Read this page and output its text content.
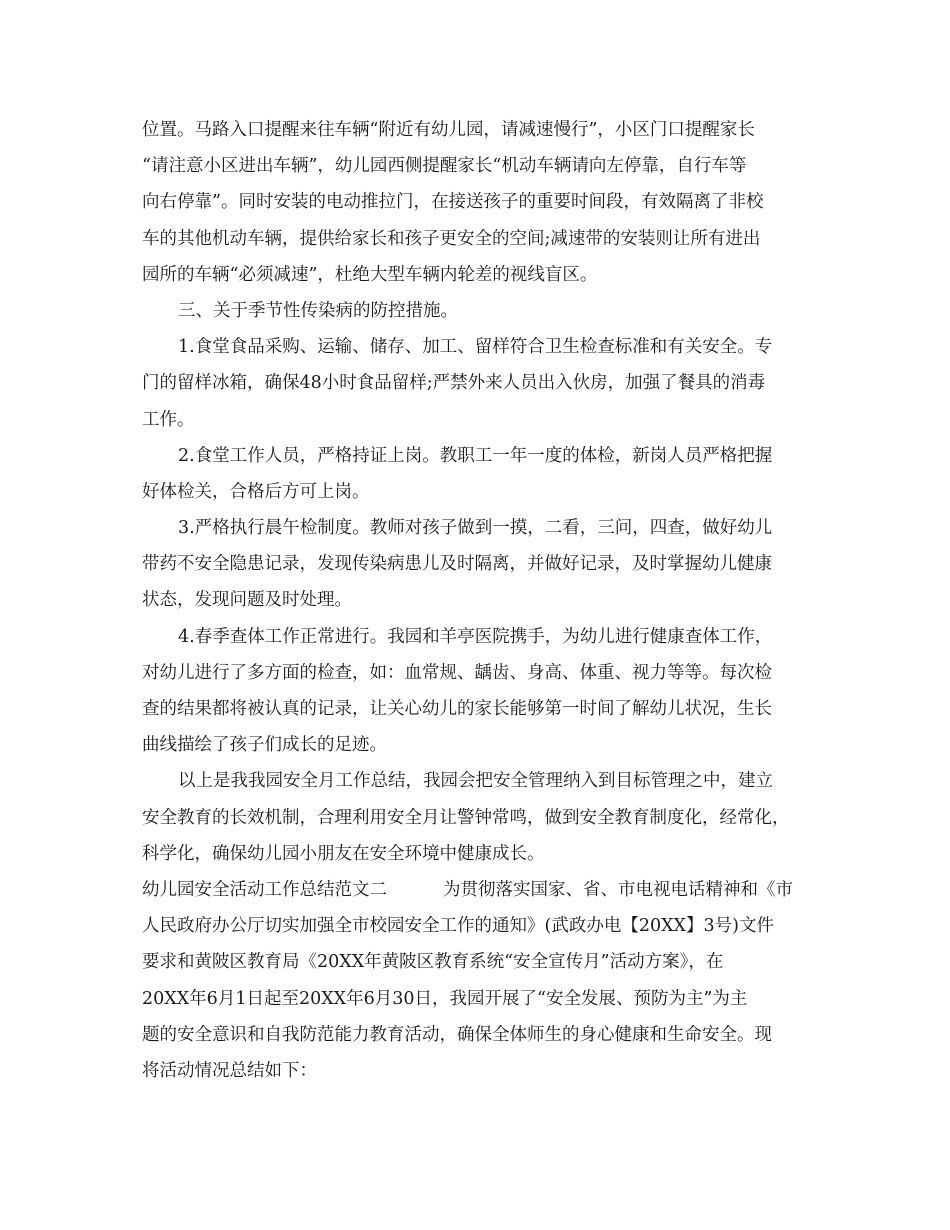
位置。马路入口提醒来往车辆“附近有幼儿园，请减速慢行”，小区门口提醒家长
“请注意小区进出车辆”，幼儿园西侧提醒家长“机动车辆请向左停靠，自行车等
向右停靠”。同时安装的电动推拉门，在接送孩子的重要时间段，有效隔离了非校
车的其他机动车辆，提供给家长和孩子更安全的空间;减速带的安装则让所有进出
园所的车辆“必须减速”，杜绝大型车辆内轮差的视线盲区。
三、关于季节性传染病的防控措施。
1.食堂食品采购、运输、储存、加工、留样符合卫生检查标准和有关安全。专
门的留样冰箱，确保48小时食品留样;严禁外来人员出入伙房，加强了餐具的消毒
工作。
2.食堂工作人员，严格持证上岗。教职工一年一度的体检，新岗人员严格把握
好体检关，合格后方可上岗。
3.严格执行晨午检制度。教师对孩子做到一摸，二看，三问，四查，做好幼儿
带药不安全隐患记录，发现传染病患儿及时隔离，并做好记录，及时掌握幼儿健康
状态，发现问题及时处理。
4.春季查体工作正常进行。我园和羊亭医院携手，为幼儿进行健康查体工作，
对幼儿进行了多方面的检查，如：血常规、龋齿、身高、体重、视力等等。每次检
查的结果都将被认真的记录，让关心幼儿的家长能够第一时间了解幼儿状况，生长
曲线描绘了孩子们成长的足迹。
以上是我我园安全月工作总结，我园会把安全管理纳入到目标管理之中，建立
安全教育的长效机制，合理利用安全月让警钟常鸣，做到安全教育制度化，经常化，
科学化，确保幼儿园小朋友在安全环境中健康成长。
幼儿园安全活动工作总结范文二	为贯彻落实国家、省、市电视电话精神和《市
人民政府办公厅切实加强全市校园安全工作的通知》(武政办电【20XX】3号)文件
要求和黄陂区教育局《20XX年黄陂区教育系统“安全宣传月”活动方案》，在
20XX年6月1日起至20XX年6月30日，我园开展了“安全发展、预防为主”为主
题的安全意识和自我防范能力教育活动，确保全体师生的身心健康和生命安全。现
将活动情况总结如下：
